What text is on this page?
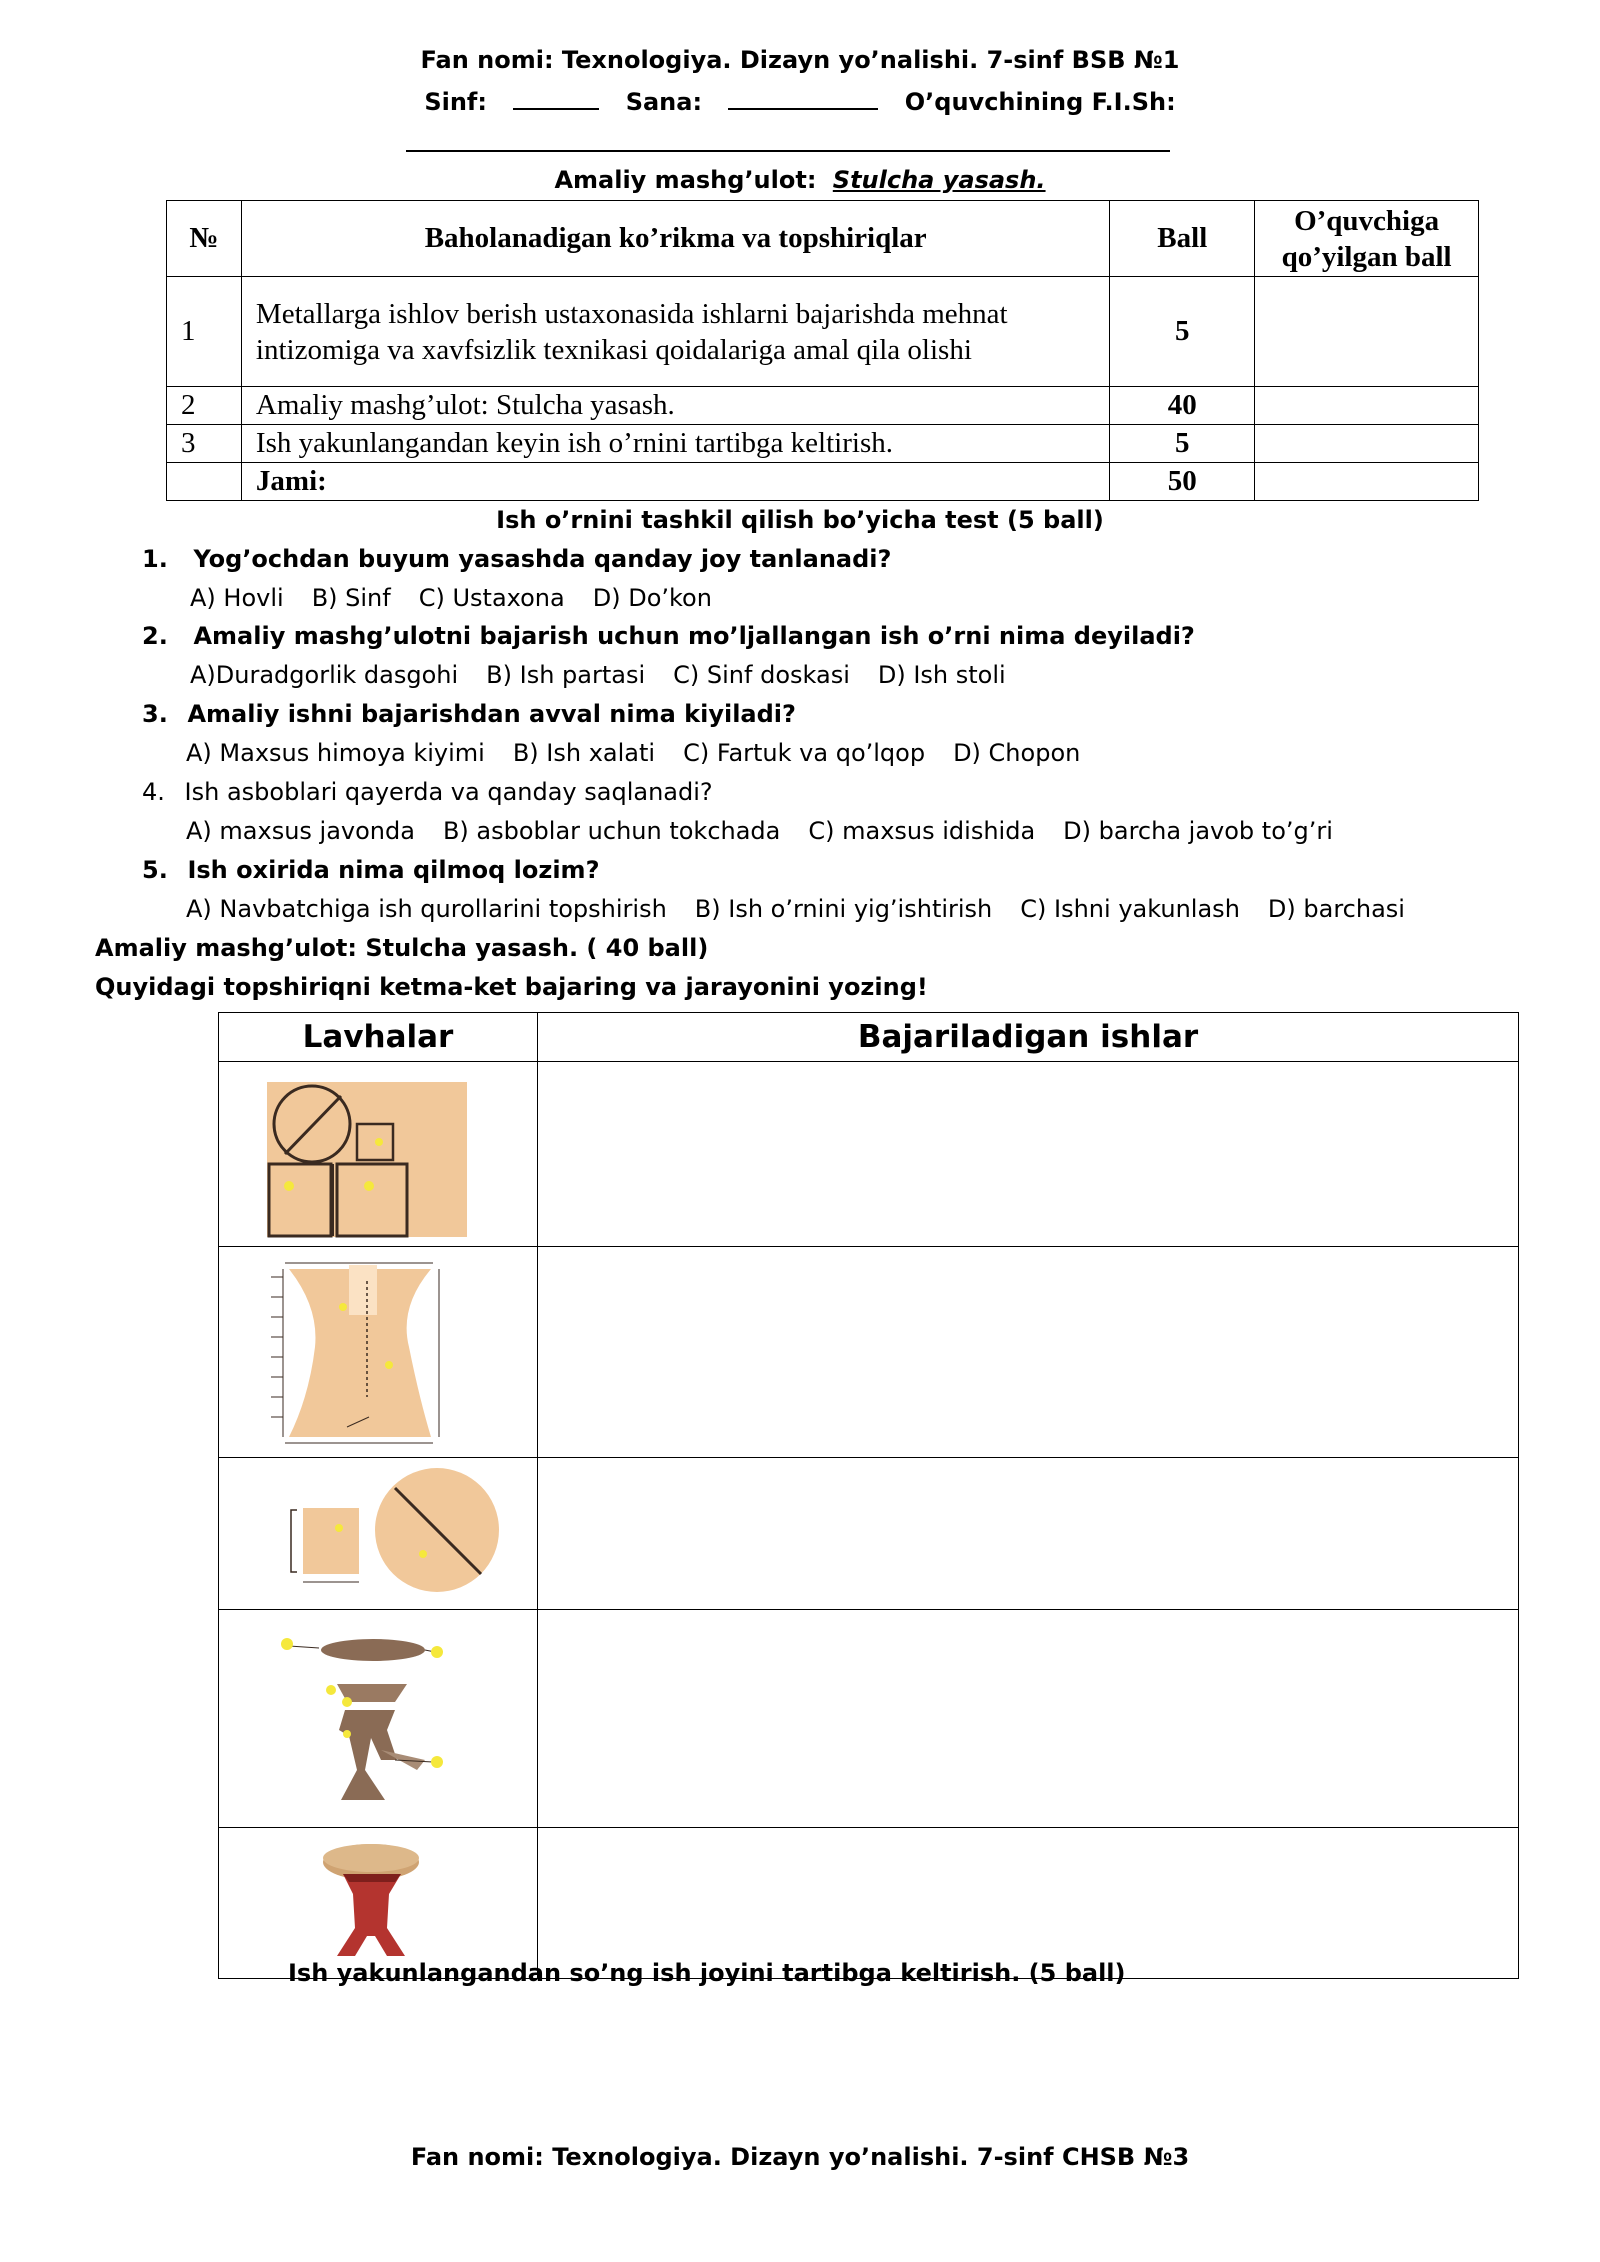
Fan nomi: Texnologiya. Dizayn yo’nalishi. 7-sinf BSB №1
Sinf:	Sana:	O’quvchining F.I.Sh:
Amaliy mashg’ulot: Stulcha yasash.
№	Baholanadigan ko’rikma va topshiriqlar	Ball	O’quvchiga qo’yilgan ball
1	Metallarga ishlov berish ustaxonasida ishlarni bajarishda mehnat intizomiga va xavfsizlik texnikasi qoidalariga amal qila olishi	5	
2	Amaliy mashg’ulot: Stulcha yasash.	40	
3	Ish yakunlangandan keyin ish o’rnini tartibga keltirish.	5	
	Jami:	50	
Ish o’rnini tashkil qilish bo’yicha test (5 ball)
1. Yog’ochdan buyum yasashda qanday joy tanlanadi?
A) Hovli B) Sinf C) Ustaxona D) Do’kon
2. Amaliy mashg’ulotni bajarish uchun mo’ljallangan ish o’rni nima deyiladi?
A)Duradgorlik dasgohi B) Ish partasi C) Sinf doskasi D) Ish stoli
3. Amaliy ishni bajarishdan avval nima kiyiladi?
A) Maxsus himoya kiyimi B) Ish xalati C) Fartuk va qo’lqop D) Chopon
4. Ish asboblari qayerda va qanday saqlanadi?
A) maxsus javonda B) asboblar uchun tokchada C) maxsus idishida D) barcha javob to’g’ri
5. Ish oxirida nima qilmoq lozim?
A) Navbatchiga ish qurollarini topshirish B) Ish o’rnini yig’ishtirish C) Ishni yakunlash D) barchasi
Amaliy mashg’ulot: Stulcha yasash. ( 40 ball)
Quyidagi topshiriqni ketma-ket bajaring va jarayonini yozing!
Lavhalar	Bajariladigan ishlar

Ish yakunlangandan so’ng ish joyini tartibga keltirish. (5 ball)
Fan nomi: Texnologiya. Dizayn yo’nalishi. 7-sinf CHSB №3
